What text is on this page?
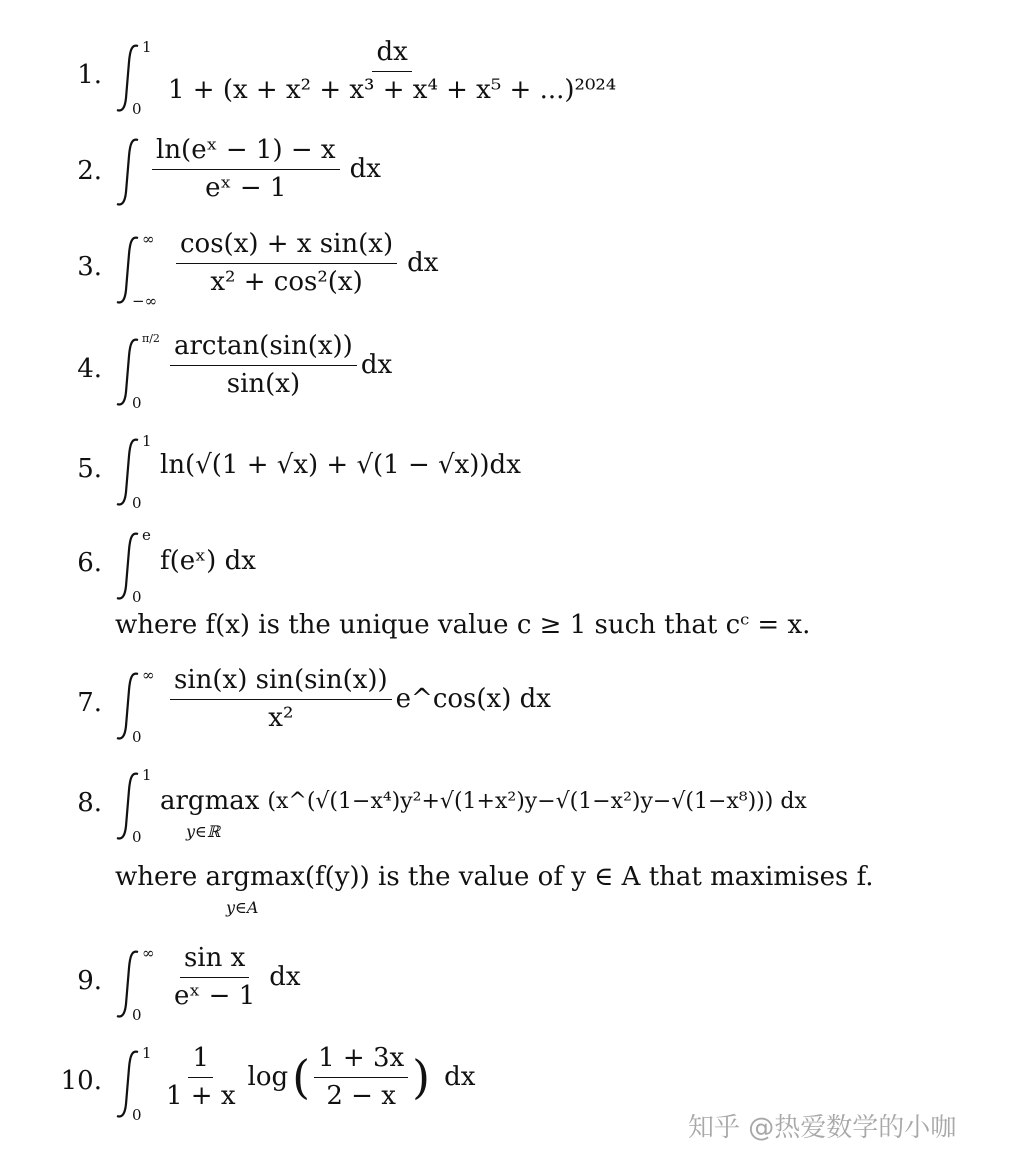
1.
1
0
$\frac{dx}{\text{1 + (x + x² + x³ + x⁴ + x⁵ + ...)²⁰²⁴}}$
2. $\frac{\text{ln(eˣ − 1) − x}}{\text{eˣ − 1}}$ dx
3.
∞
−∞
$\frac{\text{cos(x) + x sin(x)}}{\text{x² + cos²(x)}}$ dx
4.
π/2
0
$\frac{\arctan(\sin(x))}{\sin(x)}$ dx
5.
1
0
ln(√(1 + √x) + √(1 − √x))dx
6.
e
0
f(eˣ) dx
where f(x) is the unique value c ≥ 1 such that cᶜ = x.
7.
∞
0
$\frac{\sin(x) \sin(\sin(x))}{\text{x²}}$ e^cos(x) dx
8.
1
0
argmax (x^(√(1−x⁴)y²+√(1+x²)y−√(1−x²)y−√(1−x⁸))) dx
y∈ℝ
where argmax(f(y)) is the value of y ∈ A that maximises f.
y∈A
9.
∞
0
$\frac{\text{sin x}}{\text{eˣ − 1}}$ dx
10.
1
0
$\frac{1}{1 + x}$ log ( $\frac{1 + 3x}{2 - x}$ ) dx
知乎 @热爱数学的小咖
